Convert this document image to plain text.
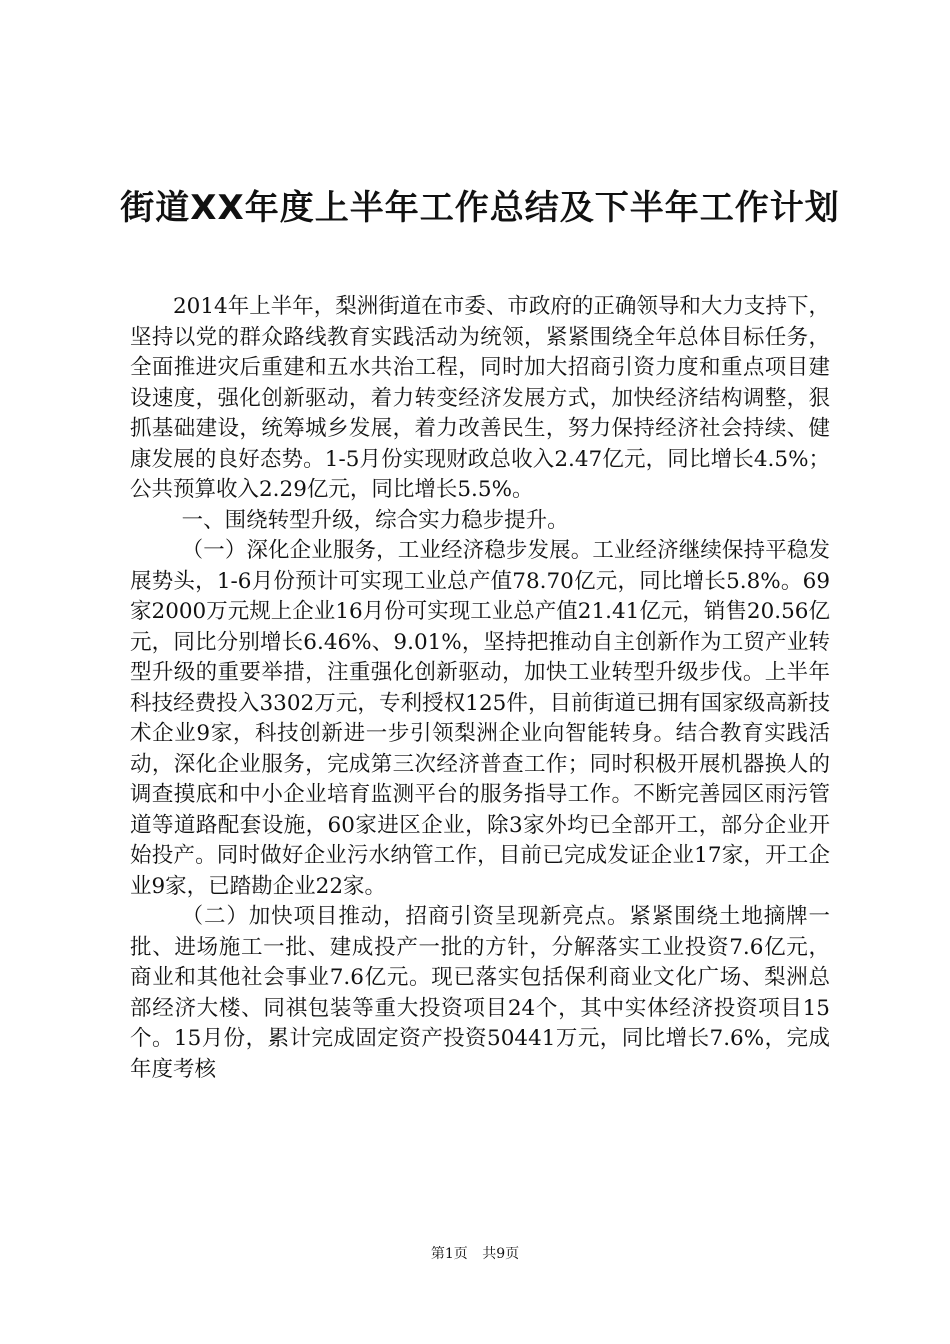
街道XX年度上半年工作总结及下半年工作计划

2014年上半年，梨洲街道在市委、市政府的正确领导和大力支持下，坚持以党的群众路线教育实践活动为统领，紧紧围绕全年总体目标任务，全面推进灾后重建和五水共治工程，同时加大招商引资力度和重点项目建设速度，强化创新驱动，着力转变经济发展方式，加快经济结构调整，狠抓基础建设，统筹城乡发展，着力改善民生，努力保持经济社会持续、健康发展的良好态势。1-5月份实现财政总收入2.47亿元，同比增长4.5%；公共预算收入2.29亿元，同比增长5.5%。

一、围绕转型升级，综合实力稳步提升。

（一）深化企业服务，工业经济稳步发展。工业经济继续保持平稳发展势头，1-6月份预计可实现工业总产值78.70亿元，同比增长5.8%。69家2000万元规上企业16月份可实现工业总产值21.41亿元，销售20.56亿元，同比分别增长6.46%、9.01%，坚持把推动自主创新作为工贸产业转型升级的重要举措，注重强化创新驱动，加快工业转型升级步伐。上半年科技经费投入3302万元，专利授权125件，目前街道已拥有国家级高新技术企业9家，科技创新进一步引领梨洲企业向智能转身。结合教育实践活动，深化企业服务，完成第三次经济普查工作；同时积极开展机器换人的调查摸底和中小企业培育监测平台的服务指导工作。不断完善园区雨污管道等道路配套设施，60家进区企业，除3家外均已全部开工，部分企业开始投产。同时做好企业污水纳管工作，目前已完成发证企业17家，开工企业9家，已踏勘企业22家。

（二）加快项目推动，招商引资呈现新亮点。紧紧围绕土地摘牌一批、进场施工一批、建成投产一批的方针，分解落实工业投资7.6亿元，商业和其他社会事业7.6亿元。现已落实包括保利商业文化广场、梨洲总部经济大楼、同祺包装等重大投资项目24个，其中实体经济投资项目15个。15月份，累计完成固定资产投资50441万元，同比增长7.6%，完成年度考核

第1页 共9页
